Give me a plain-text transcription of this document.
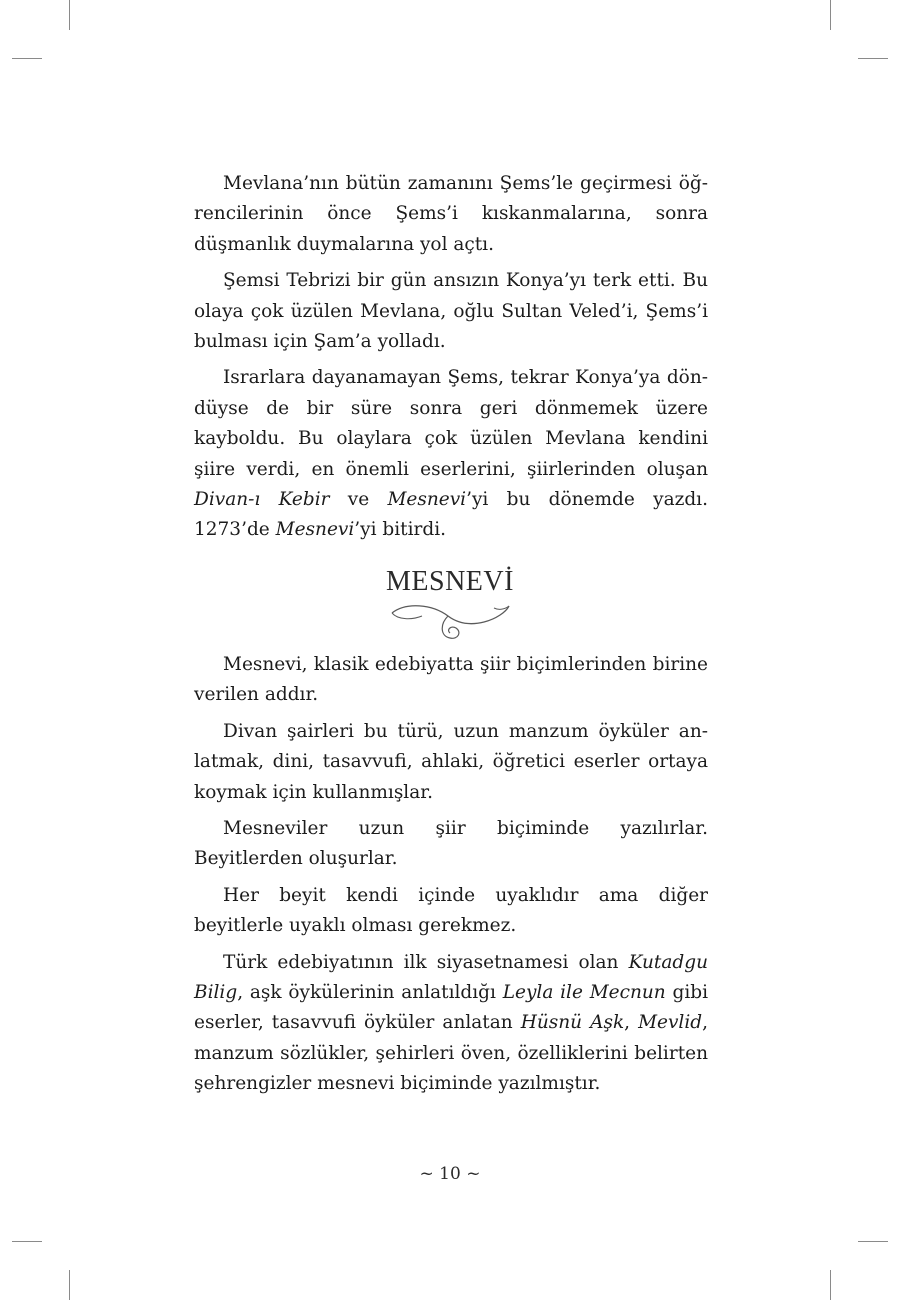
Mevlana’nın bütün zamanını Şems’le geçirmesi öğrencilerinin önce Şems’i kıskanmalarına, sonra düşmanlık duymalarına yol açtı.

Şemsi Tebrizi bir gün ansızın Konya’yı terk etti. Bu olaya çok üzülen Mevlana, oğlu Sultan Veled’i, Şems’i bulması için Şam’a yolladı.

Israrlara dayanamayan Şems, tekrar Konya’ya döndüyse de bir süre sonra geri dönmemek üzere kayboldu. Bu olaylara çok üzülen Mevlana kendini şiire verdi, en önemli eserlerini, şiirlerinden oluşan Divan-ı Kebir ve Mesnevi’yi bu dönemde yazdı. 1273’de Mesnevi’yi bitirdi.

MESNEVİ

Mesnevi, klasik edebiyatta şiir biçimlerinden birine verilen addır.

Divan şairleri bu türü, uzun manzum öyküler anlatmak, dini, tasavvufi, ahlaki, öğretici eserler ortaya koymak için kullanmışlar.

Mesneviler uzun şiir biçiminde yazılırlar. Beyitlerden oluşurlar.

Her beyit kendi içinde uyaklıdır ama diğer beyitlerle uyaklı olması gerekmez.

Türk edebiyatının ilk siyasetnamesi olan Kutadgu Bilig, aşk öykülerinin anlatıldığı Leyla ile Mecnun gibi eserler, tasavvufi öyküler anlatan Hüsnü Aşk, Mevlid, manzum sözlükler, şehirleri öven, özelliklerini belirten şehrengizler mesnevi biçiminde yazılmıştır.

~ 10 ~
